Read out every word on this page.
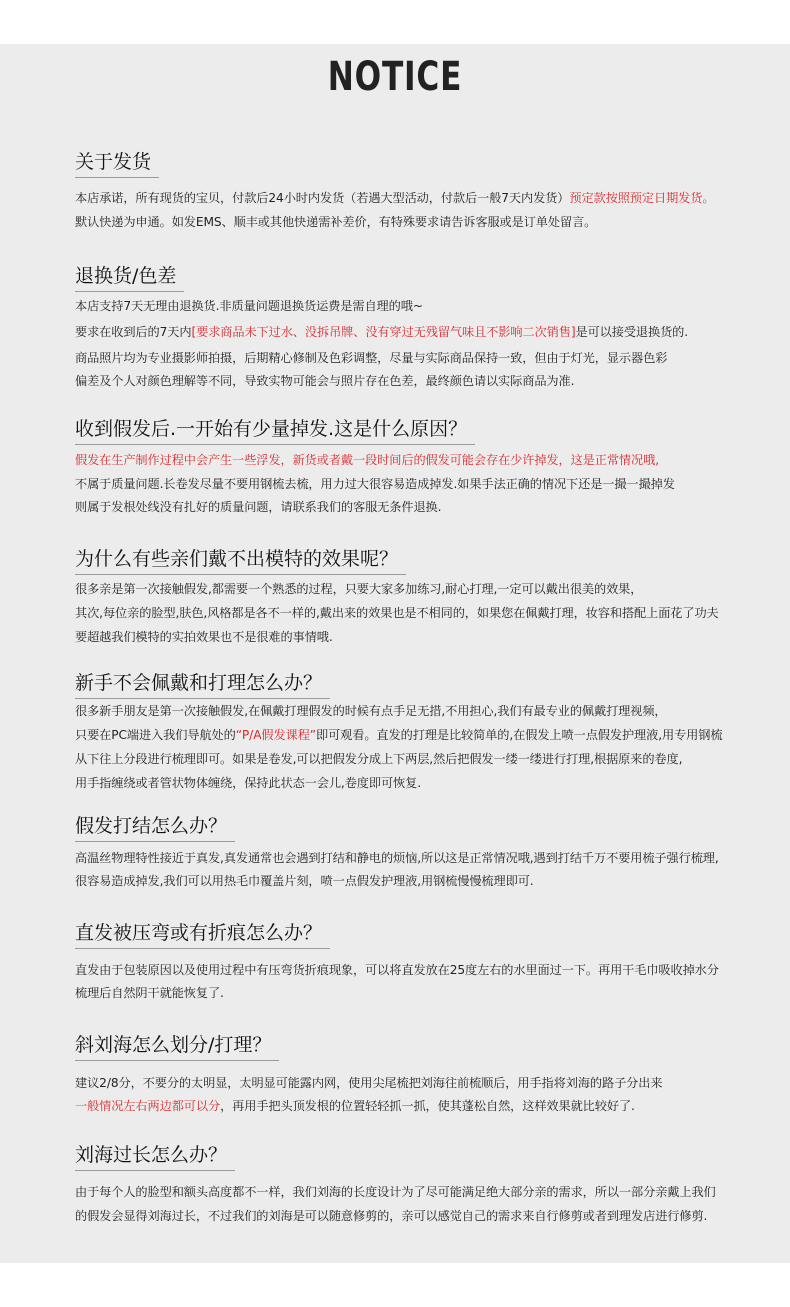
NOTICE
关于发货
本店承诺，所有现货的宝贝，付款后24小时内发货（若遇大型活动，付款后一般7天内发货）预定款按照预定日期发货。
默认快递为申通。如发EMS、顺丰或其他快递需补差价，有特殊要求请告诉客服或是订单处留言。
退换货/色差
本店支持7天无理由退换货.非质量问题退换货运费是需自理的哦~
要求在收到后的7天内[要求商品未下过水、没拆吊牌、没有穿过无残留气味且不影响二次销售]是可以接受退换货的.
商品照片均为专业摄影师拍摄，后期精心修制及色彩调整，尽量与实际商品保持一致，但由于灯光，显示器色彩
偏差及个人对颜色理解等不同，导致实物可能会与照片存在色差，最终颜色请以实际商品为准.
收到假发后.一开始有少量掉发.这是什么原因？
假发在生产制作过程中会产生一些浮发，新货或者戴一段时间后的假发可能会存在少许掉发，这是正常情况哦,
不属于质量问题.长卷发尽量不要用钢梳去梳，用力过大很容易造成掉发.如果手法正确的情况下还是一撮一撮掉发
则属于发根处线没有扎好的质量问题，请联系我们的客服无条件退换.
为什么有些亲们戴不出模特的效果呢？
很多亲是第一次接触假发,都需要一个熟悉的过程，只要大家多加练习,耐心打理,一定可以戴出很美的效果，
其次,每位亲的脸型,肤色,风格都是各不一样的,戴出来的效果也是不相同的，如果您在佩戴打理，妆容和搭配上面花了功夫
要超越我们模特的实拍效果也不是很难的事情哦.
新手不会佩戴和打理怎么办？
很多新手朋友是第一次接触假发,在佩戴打理假发的时候有点手足无措,不用担心,我们有最专业的佩戴打理视频，
只要在PC端进入我们导航处的“P/A假发课程”即可观看。直发的打理是比较简单的,在假发上喷一点假发护理液,用专用钢梳
从下往上分段进行梳理即可。如果是卷发,可以把假发分成上下两层,然后把假发一缕一缕进行打理,根据原来的卷度,
用手指缠绕或者管状物体缠绕，保持此状态一会儿,卷度即可恢复.
假发打结怎么办？
高温丝物理特性接近于真发,真发通常也会遇到打结和静电的烦恼,所以这是正常情况哦,遇到打结千万不要用梳子强行梳理,
很容易造成掉发,我们可以用热毛巾覆盖片刻，喷一点假发护理液,用钢梳慢慢梳理即可.
直发被压弯或有折痕怎么办？
直发由于包装原因以及使用过程中有压弯货折痕现象，可以将直发放在25度左右的水里面过一下。再用干毛巾吸收掉水分
梳理后自然阴干就能恢复了.
斜刘海怎么划分/打理？
建议2/8分，不要分的太明显，太明显可能露内网，使用尖尾梳把刘海往前梳顺后，用手指将刘海的路子分出来
一般情况左右两边都可以分，再用手把头顶发根的位置轻轻抓一抓，使其蓬松自然，这样效果就比较好了.
刘海过长怎么办？
由于每个人的脸型和额头高度都不一样，我们刘海的长度设计为了尽可能满足绝大部分亲的需求，所以一部分亲戴上我们
的假发会显得刘海过长，不过我们的刘海是可以随意修剪的，亲可以感觉自己的需求来自行修剪或者到理发店进行修剪.
